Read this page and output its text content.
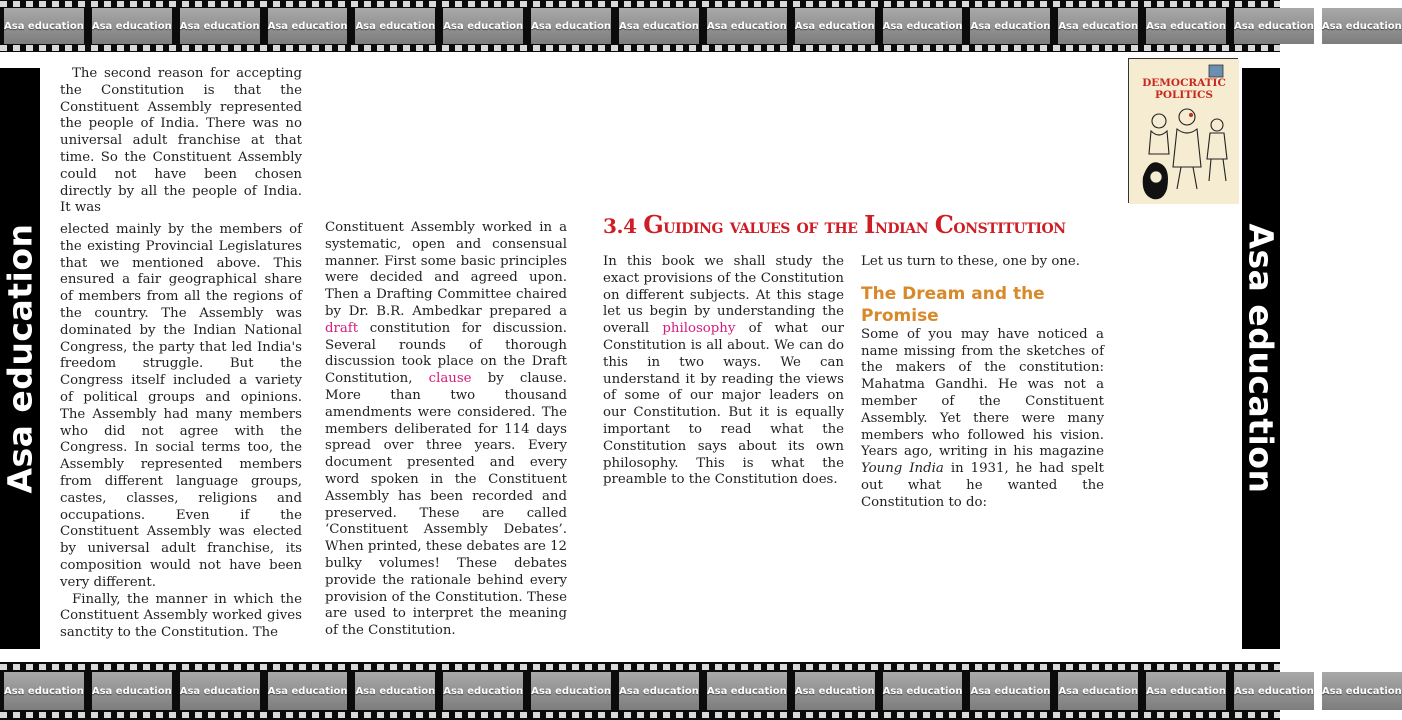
Asa education Asa education Asa education Asa education Asa education Asa education Asa education Asa education Asa education Asa education Asa education Asa education Asa education Asa education Asa education Asa education
Asa education Asa education Asa education Asa education Asa education Asa education Asa education Asa education Asa education Asa education Asa education Asa education Asa education Asa education Asa education Asa education
Asa education	Asa education

The second reason for accepting the Constitution is that the Constituent Assembly represented the people of India. There was no universal adult franchise at that time. So the Constituent Assembly could not have been chosen directly by all the people of India. It was

elected mainly by the members of the existing Provincial Legislatures that we mentioned above. This ensured a fair geographical share of members from all the regions of the country. The Assembly was dominated by the Indian National Congress, the party that led India's freedom struggle. But the Congress itself included a variety of political groups and opinions. The Assembly had many members who did not agree with the Congress. In social terms too, the Assembly represented members from different language groups, castes, classes, religions and occupations. Even if the Constituent Assembly was elected by universal adult franchise, its composition would not have been very different.

Finally, the manner in which the Constituent Assembly worked gives sanctity to the Constitution. The

Constituent Assembly worked in a systematic, open and consensual manner. First some basic principles were decided and agreed upon. Then a Drafting Committee chaired by Dr. B.R. Ambedkar prepared a draft constitution for discussion. Several rounds of thorough discussion took place on the Draft Constitution, clause by clause. More than two thousand amendments were considered. The members deliberated for 114 days spread over three years. Every document presented and every word spoken in the Constituent Assembly has been recorded and preserved. These are called ‘Constituent Assembly Debates’. When printed, these debates are 12 bulky volumes! These debates provide the rationale behind every provision of the Constitution. These are used to interpret the meaning of the Constitution.

3.4 Guiding values of the Indian Constitution

In this book we shall study the exact provisions of the Constitution on different subjects. At this stage let us begin by understanding the overall philosophy of what our Constitution is all about. We can do this in two ways. We can understand it by reading the views of some of our major leaders on our Constitution. But it is equally important to read what the Constitution says about its own philosophy. This is what the preamble to the Constitution does.

Let us turn to these, one by one.

The Dream and the Promise

Some of you may have noticed a name missing from the sketches of the makers of the constitution: Mahatma Gandhi. He was not a member of the Constituent Assembly. Yet there were many members who followed his vision. Years ago, writing in his magazine Young India in 1931, he had spelt out what he wanted the Constitution to do:

DEMOCRATIC
POLITICS
